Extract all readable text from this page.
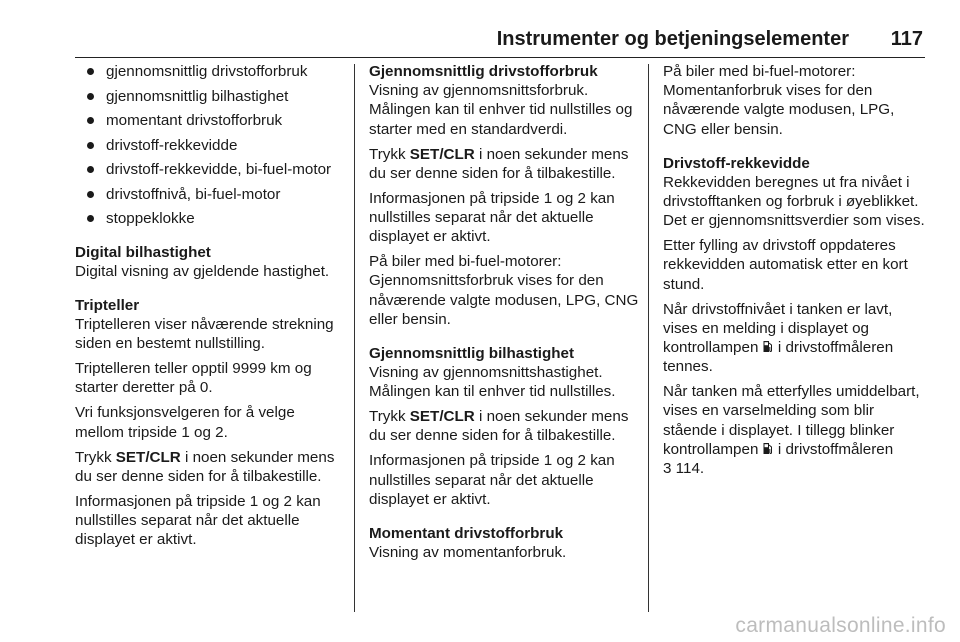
Instrumenter og betjeningselementer 117
gjennomsnittlig drivstofforbruk
gjennomsnittlig bilhastighet
momentant drivstofforbruk
drivstoff-rekkevidde
drivstoff-rekkevidde, bi-fuel-motor
drivstoffnivå, bi-fuel-motor
stoppeklokke
Digital bilhastighet

Digital visning av gjeldende hastighet.

Tripteller

Triptelleren viser nåværende strekning siden en bestemt nullstilling.

Triptelleren teller opptil 9999 km og starter deretter på 0.

Vri funksjonsvelgeren for å velge mellom tripside 1 og 2.

Trykk SET/CLR i noen sekunder mens du ser denne siden for å tilbakestille.

Informasjonen på tripside 1 og 2 kan nullstilles separat når det aktuelle displayet er aktivt.

Gjennomsnittlig drivstofforbruk

Visning av gjennomsnittsforbruk. Målingen kan til enhver tid nullstilles og starter med en standardverdi.

Trykk SET/CLR i noen sekunder mens du ser denne siden for å tilbakestille.

Informasjonen på tripside 1 og 2 kan nullstilles separat når det aktuelle displayet er aktivt.

På biler med bi-fuel-motorer: Gjennomsnittsforbruk vises for den nåværende valgte modusen, LPG, CNG eller bensin.

Gjennomsnittlig bilhastighet

Visning av gjennomsnittshastighet. Målingen kan til enhver tid nullstilles.

Trykk SET/CLR i noen sekunder mens du ser denne siden for å tilbakestille.

Informasjonen på tripside 1 og 2 kan nullstilles separat når det aktuelle displayet er aktivt.

Momentant drivstofforbruk

Visning av momentanforbruk.

På biler med bi-fuel-motorer: Momentanforbruk vises for den nåværende valgte modusen, LPG, CNG eller bensin.

Drivstoff-rekkevidde

Rekkevidden beregnes ut fra nivået i drivstofftanken og forbruk i øyeblikket. Det er gjennomsnittsverdier som vises.

Etter fylling av drivstoff oppdateres rekkevidden automatisk etter en kort stund.

Når drivstoffnivået i tanken er lavt, vises en melding i displayet og kontrollampen  i drivstoffmåleren tennes.

Når tanken må etterfylles umiddelbart, vises en varselmelding som blir stående i displayet. I tillegg blinker kontrollampen  i drivstoffmåleren
3 114.

carmanualsonline.info
